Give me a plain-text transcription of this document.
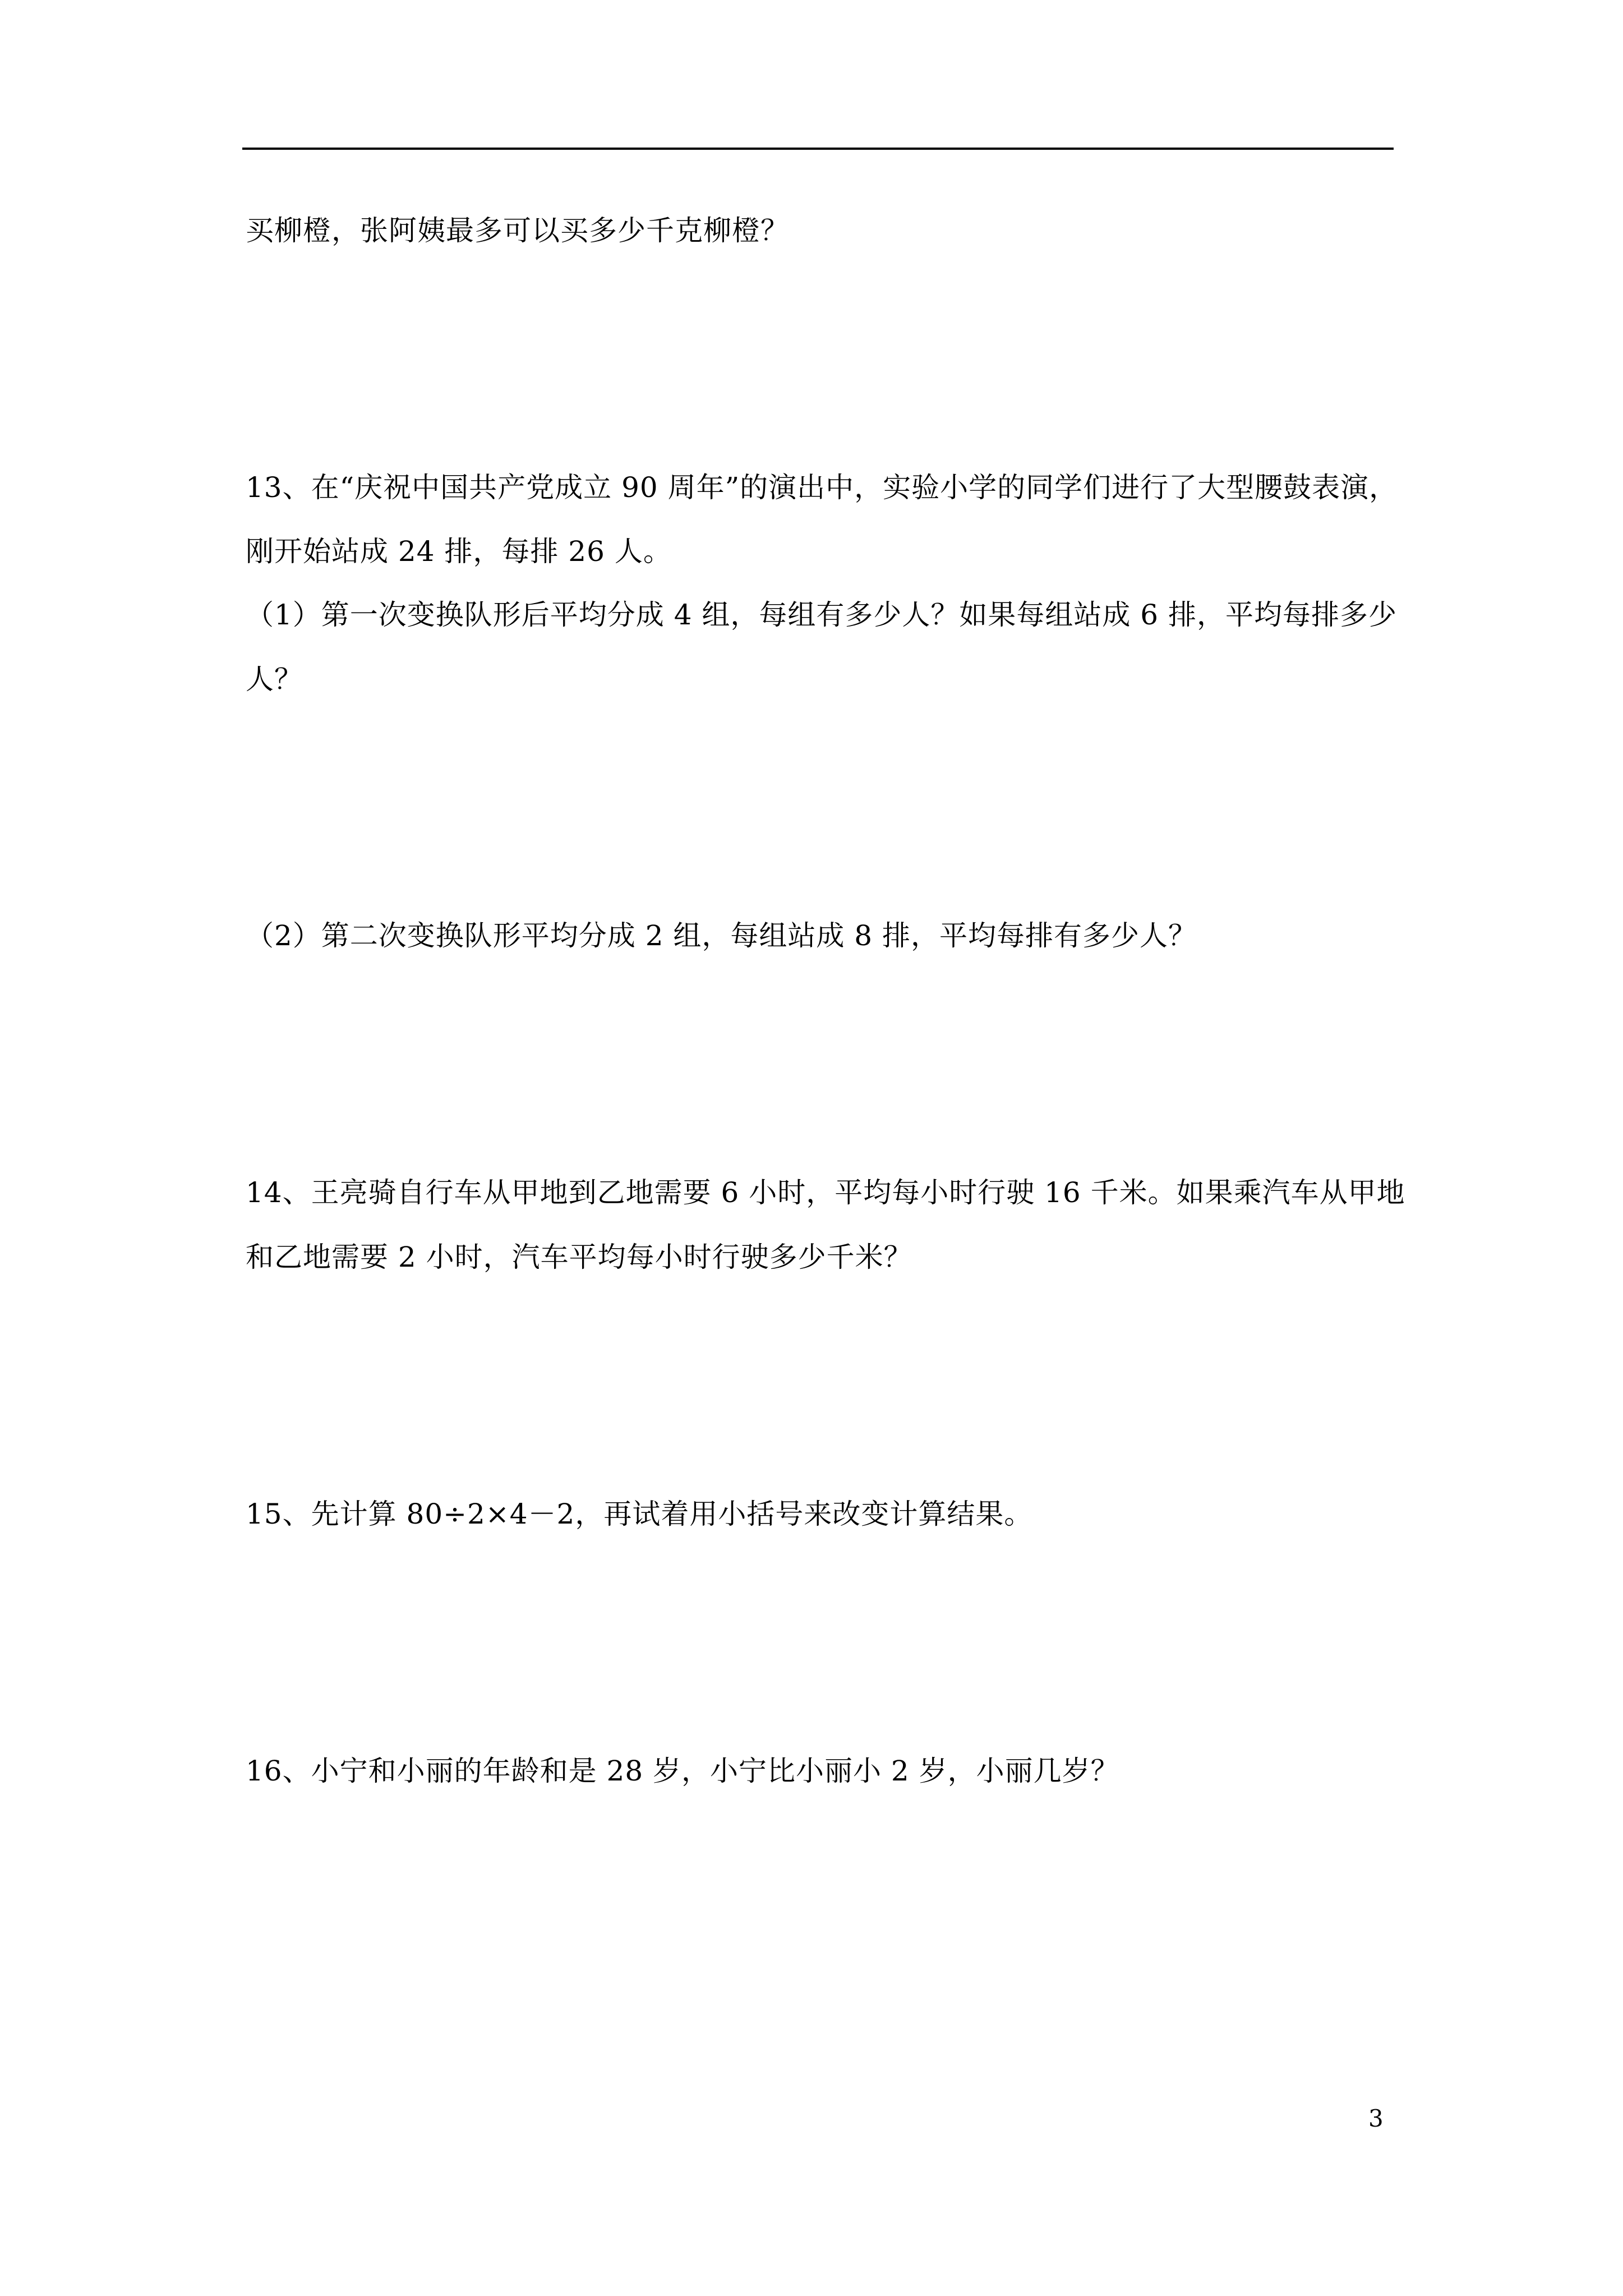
买柳橙，张阿姨最多可以买多少千克柳橙？
13、在“庆祝中国共产党成立 90 周年”的演出中，实验小学的同学们进行了大型腰鼓表演，
刚开始站成 24 排，每排 26 人。
（1）第一次变换队形后平均分成 4 组，每组有多少人？如果每组站成 6 排，平均每排多少
人？
（2）第二次变换队形平均分成 2 组，每组站成 8 排，平均每排有多少人？
14、王亮骑自行车从甲地到乙地需要 6 小时，平均每小时行驶 16 千米。如果乘汽车从甲地
和乙地需要 2 小时，汽车平均每小时行驶多少千米？
15、先计算 80÷2×4－2，再试着用小括号来改变计算结果。
16、小宁和小丽的年龄和是 28 岁，小宁比小丽小 2 岁，小丽几岁？
3
